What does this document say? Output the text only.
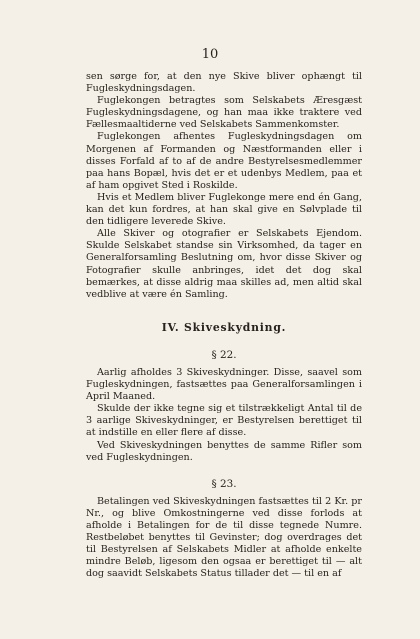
10

sen sørge for, at den nye Skive bliver ophængt til Fugleskydningsdagen.

Fuglekongen betragtes som Selskabets Æresgæst Fugleskydningsdagene, og han maa ikke traktere ved Fællesmaaltiderne ved Selskabets Sammenkomster.

Fuglekongen afhentes Fugleskydningsdagen om Morgenen af Formanden og Næstformanden eller i disses Forfald af to af de andre Bestyrelsesmedlemmer paa hans Bopæl, hvis det er et udenbys Medlem, paa et af ham opgivet Sted i Roskilde.

Hvis et Medlem bliver Fuglekonge mere end én Gang, kan det kun fordres, at han skal give en Sølvplade til den tidligere leverede Skive.

Alle Skiver og otografier er Selskabets Ejendom. Skulde Selskabet standse sin Virksomhed, da tager en Generalforsamling Beslutning om, hvor disse Skiver og Fotografier skulle anbringes, idet det dog skal bemærkes, at disse aldrig maa skilles ad, men altid skal vedblive at være én Samling.

IV. Skiveskydning.
§ 22.

Aarlig afholdes 3 Skiveskydninger. Disse, saavel som Fugleskydningen, fastsættes paa Generalforsamlingen i April Maaned.

Skulde der ikke tegne sig et tilstrækkeligt Antal til de 3 aarlige Skiveskydninger, er Bestyrelsen berettiget til at indstille en eller flere af disse.

Ved Skiveskydningen benyttes de samme Rifler som ved Fugleskydningen.

§ 23.

Betalingen ved Skiveskydningen fastsættes til 2 Kr. pr Nr., og blive Omkostningerne ved disse forlods at afholde i Betalingen for de til disse tegnede Numre. Restbeløbet benyttes til Gevinster; dog overdrages det til Bestyrelsen af Selskabets Midler at afholde enkelte mindre Beløb, ligesom den ogsaa er berettiget til — alt dog saavidt Selskabets Status tillader det — til en af
